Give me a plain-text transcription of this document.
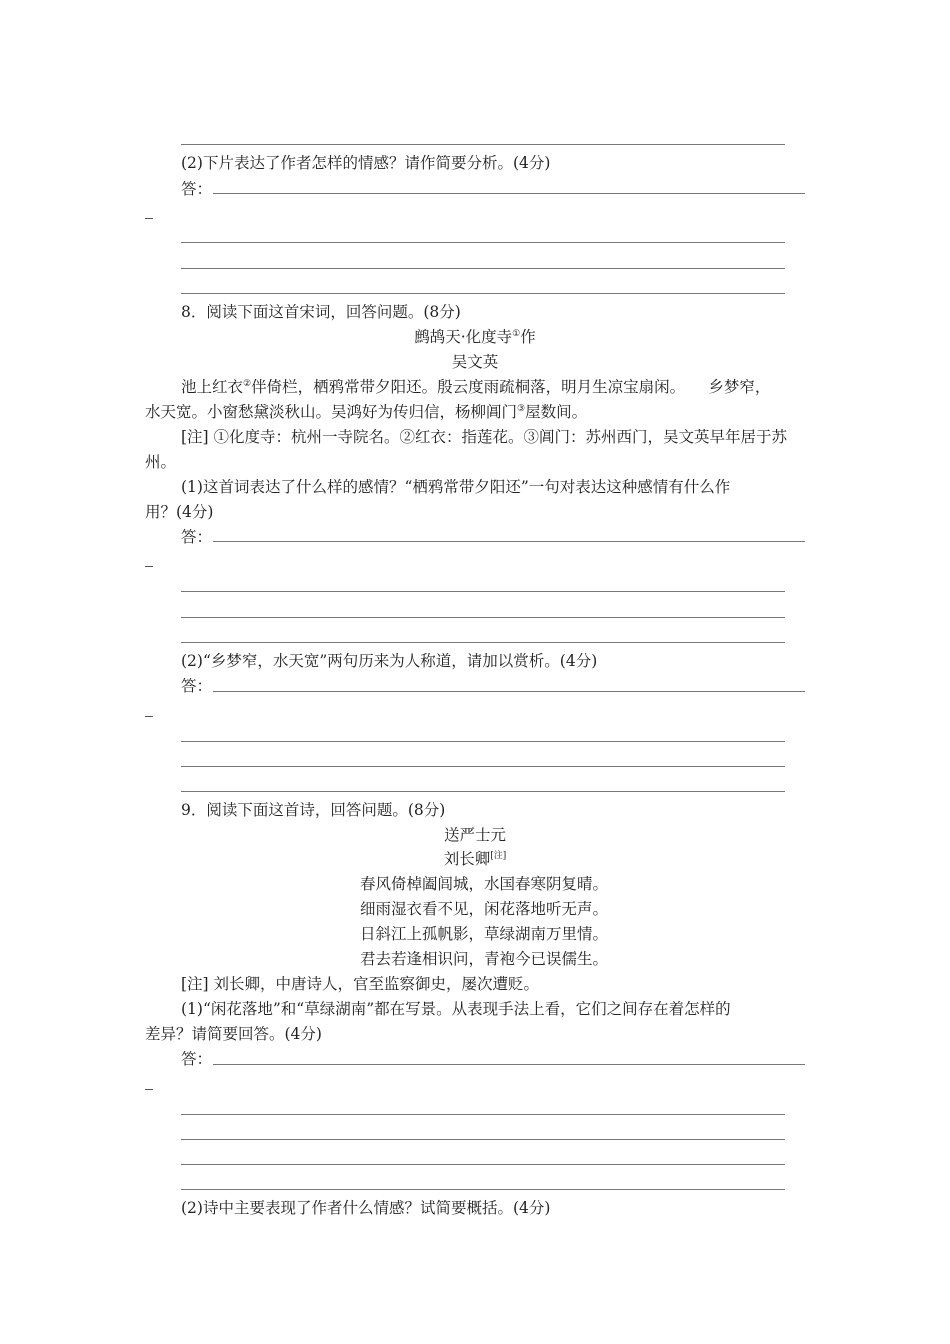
(2)下片表达了作者怎样的情感？请作简要分析。(4分)
答：
8．阅读下面这首宋词，回答问题。(8分)
鹧鸪天·化度寺①作
吴文英
池上红衣②伴倚栏，栖鸦常带夕阳还。殷云度雨疏桐落，明月生凉宝扇闲。　　乡梦窄，
水天宽。小窗愁黛淡秋山。吴鸿好为传归信，杨柳阊门③屋数间。
[注] ①化度寺：杭州一寺院名。②红衣：指莲花。③阊门：苏州西门，吴文英早年居于苏
州。
(1)这首词表达了什么样的感情？“栖鸦常带夕阳还”一句对表达这种感情有什么作
用？(4分)
答：
(2)“乡梦窄，水天宽”两句历来为人称道，请加以赏析。(4分)
答：
9．阅读下面这首诗，回答问题。(8分)
送严士元
刘长卿[注]
春风倚棹阖闾城，水国春寒阴复晴。
细雨湿衣看不见，闲花落地听无声。
日斜江上孤帆影，草绿湖南万里情。
君去若逢相识问，青袍今已误儒生。
[注] 刘长卿，中唐诗人，官至监察御史，屡次遭贬。
(1)“闲花落地”和“草绿湖南”都在写景。从表现手法上看，它们之间存在着怎样的
差异？请简要回答。(4分)
答：
(2)诗中主要表现了作者什么情感？试简要概括。(4分)
